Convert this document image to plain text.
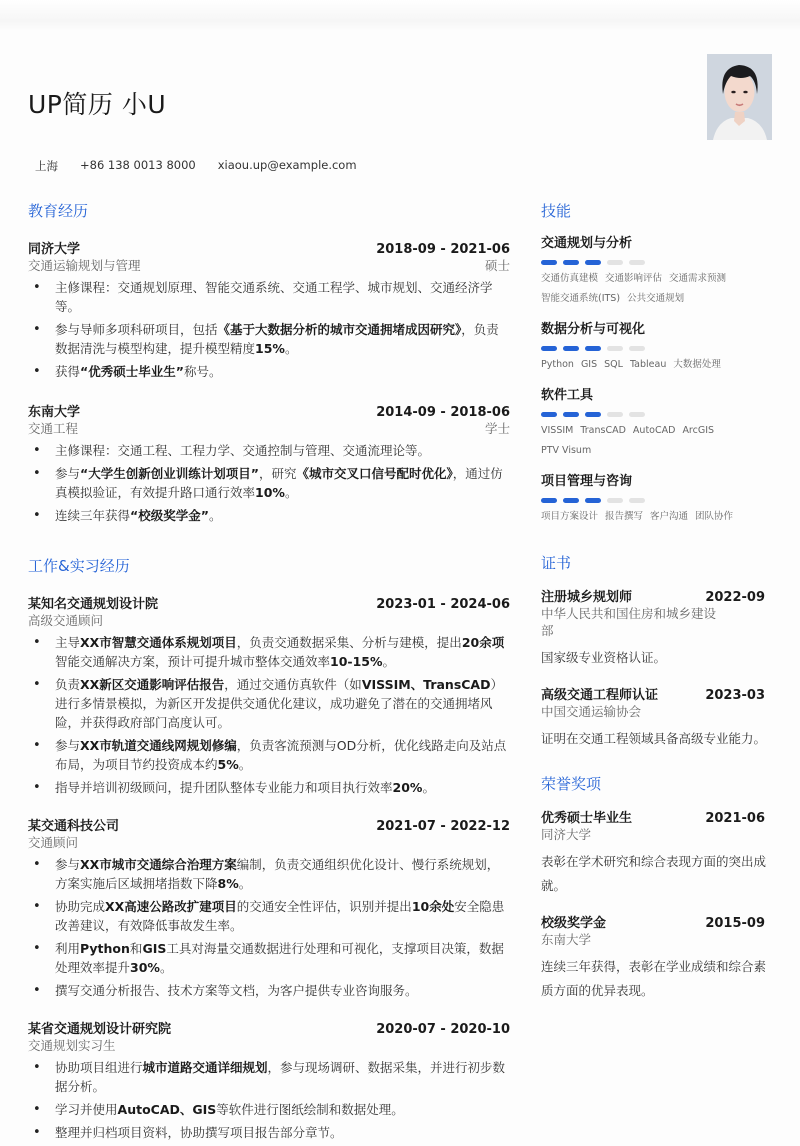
UP简历 小U
上海 +86 138 0013 8000 xiaou.up@example.com
教育经历
同济大学	2018-09 - 2021-06
交通运输规划与管理	硕士
• 主修课程：交通规划原理、智能交通系统、交通工程学、城市规划、交通经济学等。
• 参与导师多项科研项目，包括《基于大数据分析的城市交通拥堵成因研究》，负责数据清洗与模型构建，提升模型精度15%。
• 获得“优秀硕士毕业生”称号。
东南大学	2014-09 - 2018-06
交通工程	学士
• 主修课程：交通工程、工程力学、交通控制与管理、交通流理论等。
• 参与“大学生创新创业训练计划项目”，研究《城市交叉口信号配时优化》，通过仿真模拟验证，有效提升路口通行效率10%。
• 连续三年获得“校级奖学金”。
工作&实习经历
某知名交通规划设计院	2023-01 - 2024-06
高级交通顾问
• 主导XX市智慧交通体系规划项目，负责交通数据采集、分析与建模，提出20余项智能交通解决方案，预计可提升城市整体交通效率10-15%。
• 负责XX新区交通影响评估报告，通过交通仿真软件（如VISSIM、TransCAD）进行多情景模拟，为新区开发提供交通优化建议，成功避免了潜在的交通拥堵风险，并获得政府部门高度认可。
• 参与XX市轨道交通线网规划修编，负责客流预测与OD分析，优化线路走向及站点布局，为项目节约投资成本约5%。
• 指导并培训初级顾问，提升团队整体专业能力和项目执行效率20%。
某交通科技公司	2021-07 - 2022-12
交通顾问
• 参与XX市城市交通综合治理方案编制，负责交通组织优化设计、慢行系统规划，方案实施后区域拥堵指数下降8%。
• 协助完成XX高速公路改扩建项目的交通安全性评估，识别并提出10余处安全隐患改善建议，有效降低事故发生率。
• 利用Python和GIS工具对海量交通数据进行处理和可视化，支撑项目决策，数据处理效率提升30%。
• 撰写交通分析报告、技术方案等文档，为客户提供专业咨询服务。
某省交通规划设计研究院	2020-07 - 2020-10
交通规划实习生
• 协助项目组进行城市道路交通详细规划，参与现场调研、数据采集，并进行初步数据分析。
• 学习并使用AutoCAD、GIS等软件进行图纸绘制和数据处理。
• 整理并归档项目资料，协助撰写项目报告部分章节。
技能
交通规划与分析
交通仿真建模 交通影响评估 交通需求预测
智能交通系统(ITS) 公共交通规划
数据分析与可视化
Python GIS SQL Tableau 大数据处理
软件工具
VISSIM TransCAD AutoCAD ArcGIS
PTV Visum
项目管理与咨询
项目方案设计 报告撰写 客户沟通 团队协作
证书
注册城乡规划师	2022-09
中华人民共和国住房和城乡建设部
国家级专业资格认证。
高级交通工程师认证	2023-03
中国交通运输协会
证明在交通工程领域具备高级专业能力。
荣誉奖项
优秀硕士毕业生	2021-06
同济大学
表彰在学术研究和综合表现方面的突出成就。
校级奖学金	2015-09
东南大学
连续三年获得，表彰在学业成绩和综合素质方面的优异表现。
